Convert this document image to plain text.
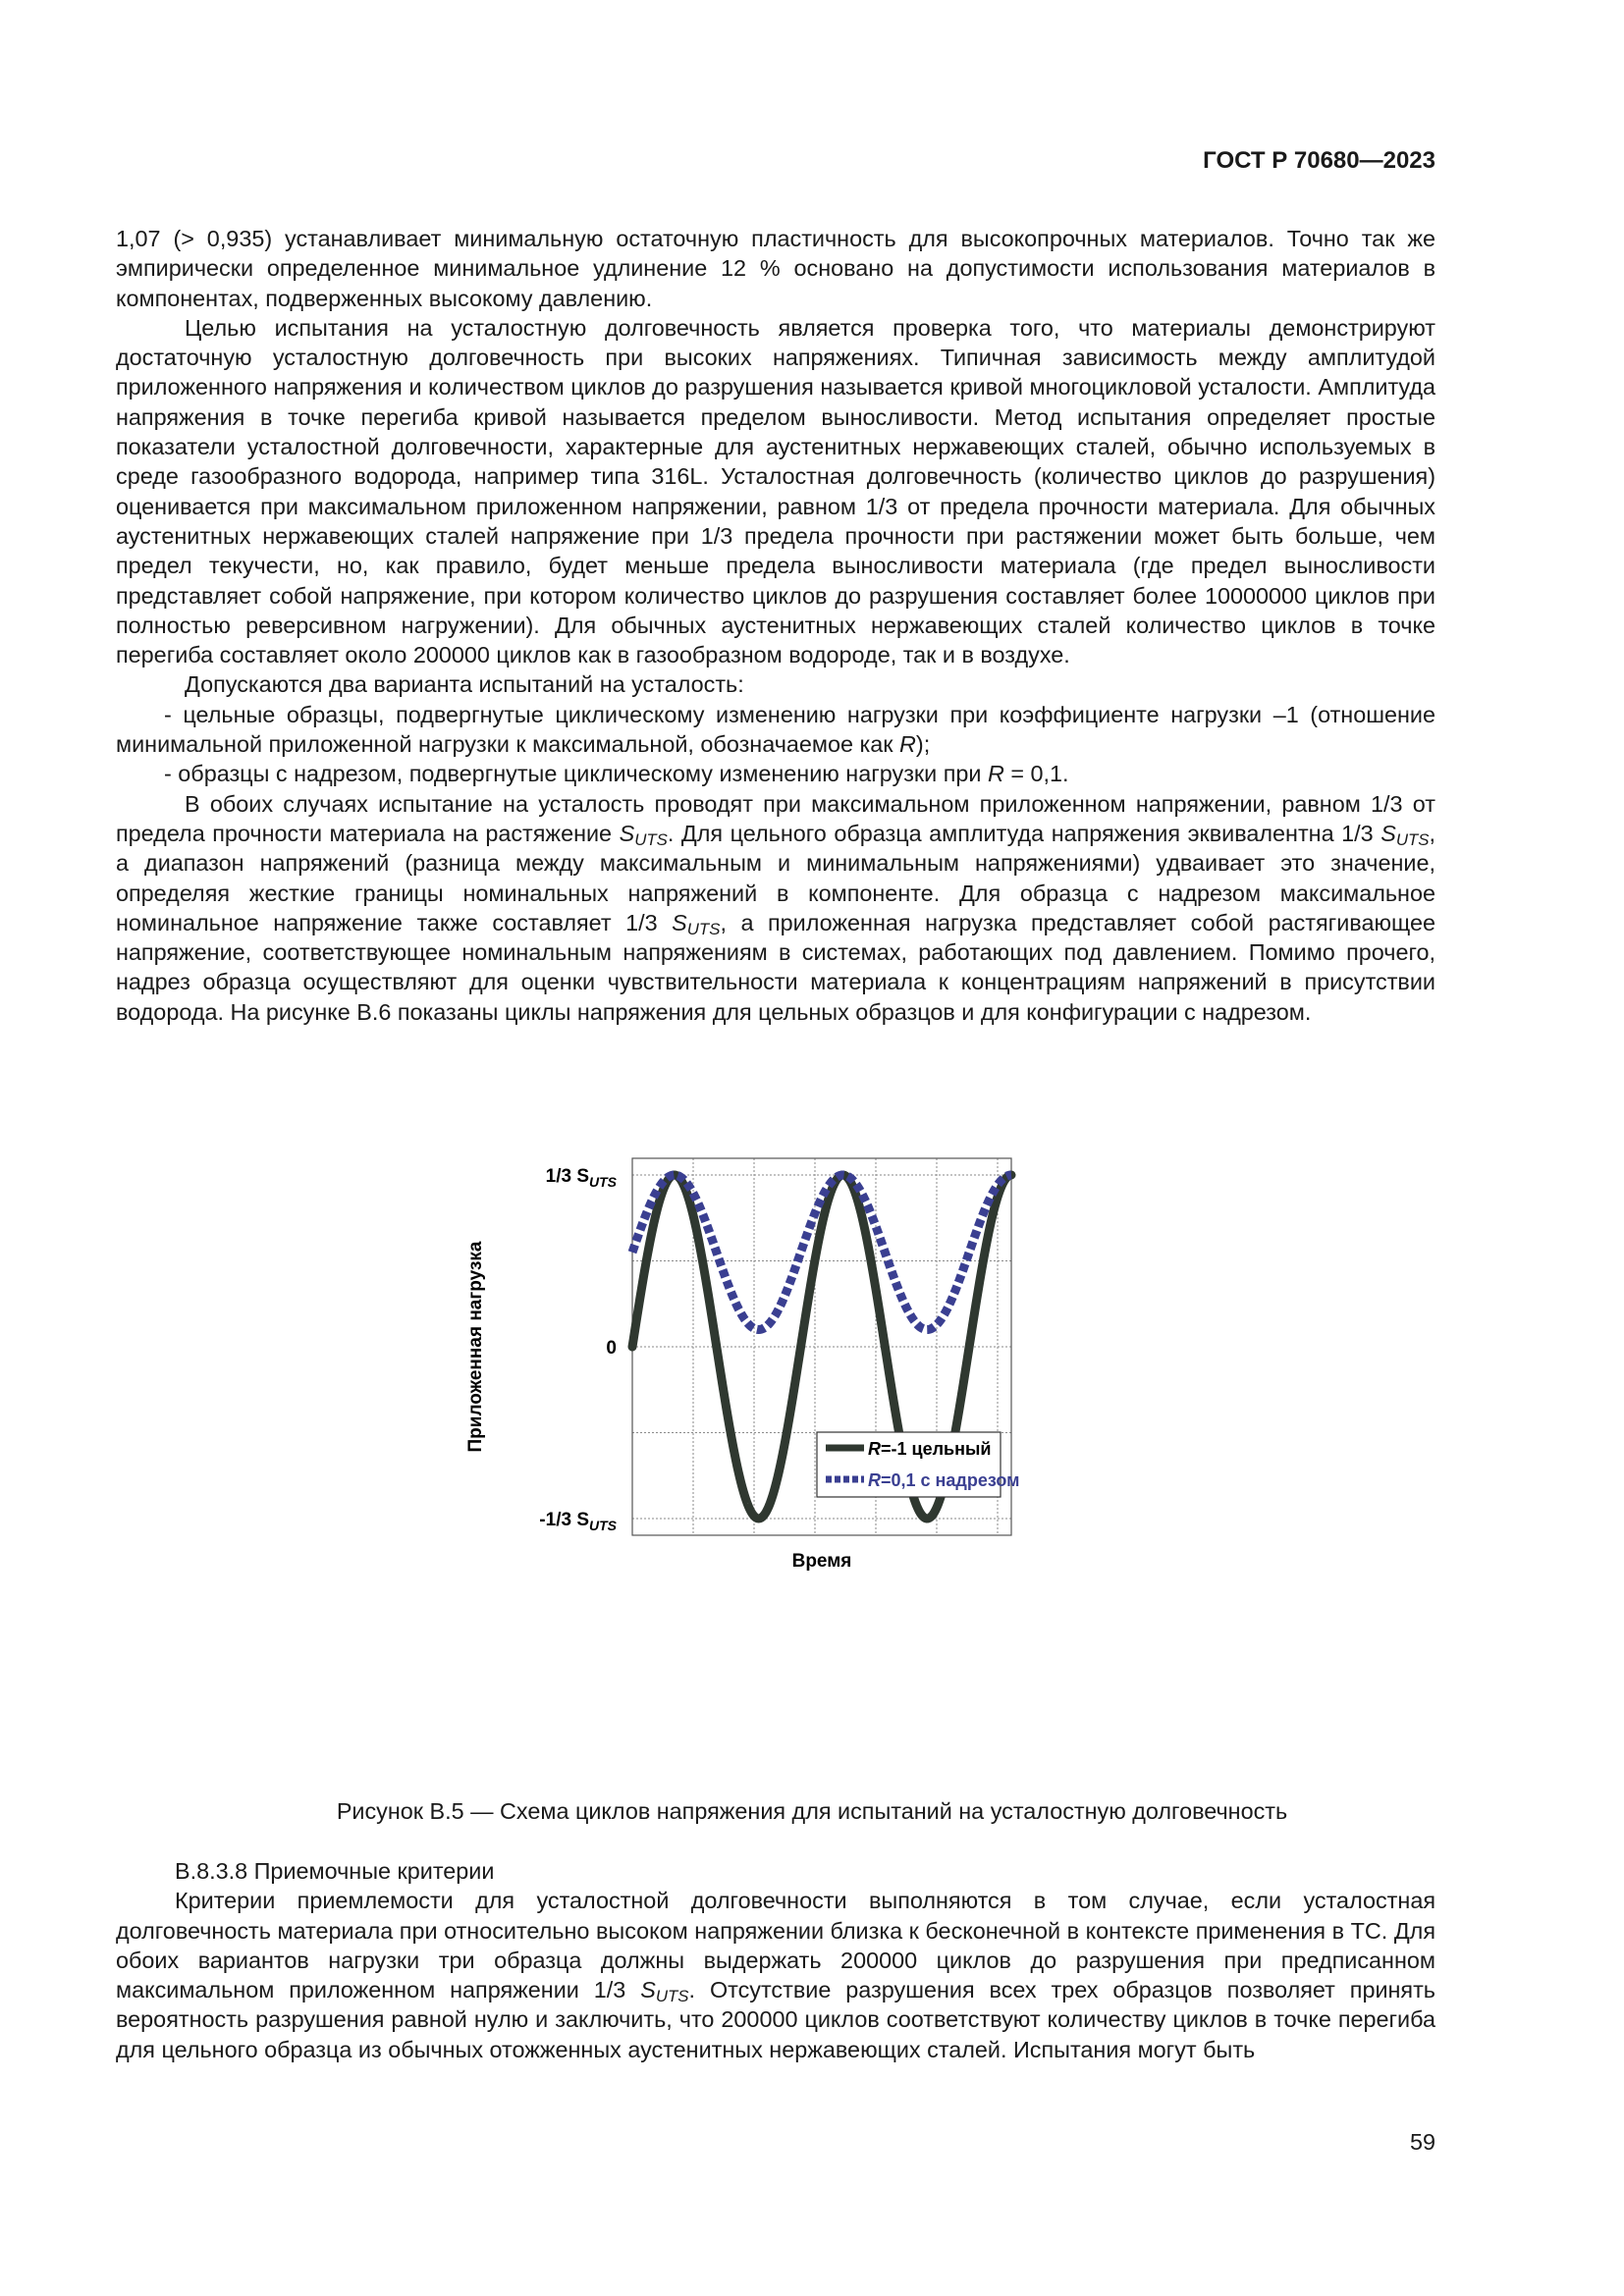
ГОСТ Р 70680—2023

1,07 (> 0,935) устанавливает минимальную остаточную пластичность для высокопрочных материалов. Точно так же эмпирически определенное минимальное удлинение 12 % основано на допустимости использования материалов в компонентах, подверженных высокому давлению.

Целью испытания на усталостную долговечность является проверка того, что материалы демонстрируют достаточную усталостную долговечность при высоких напряжениях. Типичная зависимость между амплитудой приложенного напряжения и количеством циклов до разрушения называется кривой многоцикловой усталости. Амплитуда напряжения в точке перегиба кривой называется пределом выносливости. Метод испытания определяет простые показатели усталостной долговечности, характерные для аустенитных нержавеющих сталей, обычно используемых в среде газообразного водорода, например типа 316L. Усталостная долговечность (количество циклов до разрушения) оценивается при максимальном приложенном напряжении, равном 1/3 от предела прочности материала. Для обычных аустенитных нержавеющих сталей напряжение при 1/3 предела прочности при растяжении может быть больше, чем предел текучести, но, как правило, будет меньше предела выносливости материала (где предел выносливости представляет собой напряжение, при котором количество циклов до разрушения составляет более 10000000 циклов при полностью реверсивном нагружении). Для обычных аустенитных нержавеющих сталей количество циклов в точке перегиба составляет около 200000 циклов как в газообразном водороде, так и в воздухе.

Допускаются два варианта испытаний на усталость:

- цельные образцы, подвергнутые циклическому изменению нагрузки при коэффициенте нагрузки –1 (отношение минимальной приложенной нагрузки к максимальной, обозначаемое как R);

- образцы с надрезом, подвергнутые циклическому изменению нагрузки при R = 0,1.

В обоих случаях испытание на усталость проводят при максимальном приложенном напряжении, равном 1/3 от предела прочности материала на растяжение $S_{UTS}$. Для цельного образца амплитуда напряжения эквивалентна 1/3 $S_{UTS}$, а диапазон напряжений (разница между максимальным и минимальным напряжениями) удваивает это значение, определяя жесткие границы номинальных напряжений в компоненте. Для образца с надрезом максимальное номинальное напряжение также составляет 1/3 $S_{UTS}$, а приложенная нагрузка представляет собой растягивающее напряжение, соответствующее номинальным напряжениям в системах, работающих под давлением. Помимо прочего, надрез образца осуществляют для оценки чувствительности материала к концентрациям напряжений в присутствии водорода. На рисунке В.6 показаны циклы напряжения для цельных образцов и для конфигурации с надрезом.

1/3 $S_{UTS}$
0
-1/3 $S_{UTS}$
Приложенная нагрузка
Время
R=-1 цельный
R=0,1 с надрезом
Рисунок В.5 — Схема циклов напряжения для испытаний на усталостную долговечность

В.8.3.8 Приемочные критерии

Критерии приемлемости для усталостной долговечности выполняются в том случае, если усталостная долговечность материала при относительно высоком напряжении близка к бесконечной в контексте применения в ТС. Для обоих вариантов нагрузки три образца должны выдержать 200000 циклов до разрушения при предписанном максимальном приложенном напряжении 1/3 $S_{UTS}$. Отсутствие разрушения всех трех образцов позволяет принять вероятность разрушения равной нулю и заключить, что 200000 циклов соответствуют количеству циклов в точке перегиба для цельного образца из обычных отожженных аустенитных нержавеющих сталей. Испытания могут быть

59
